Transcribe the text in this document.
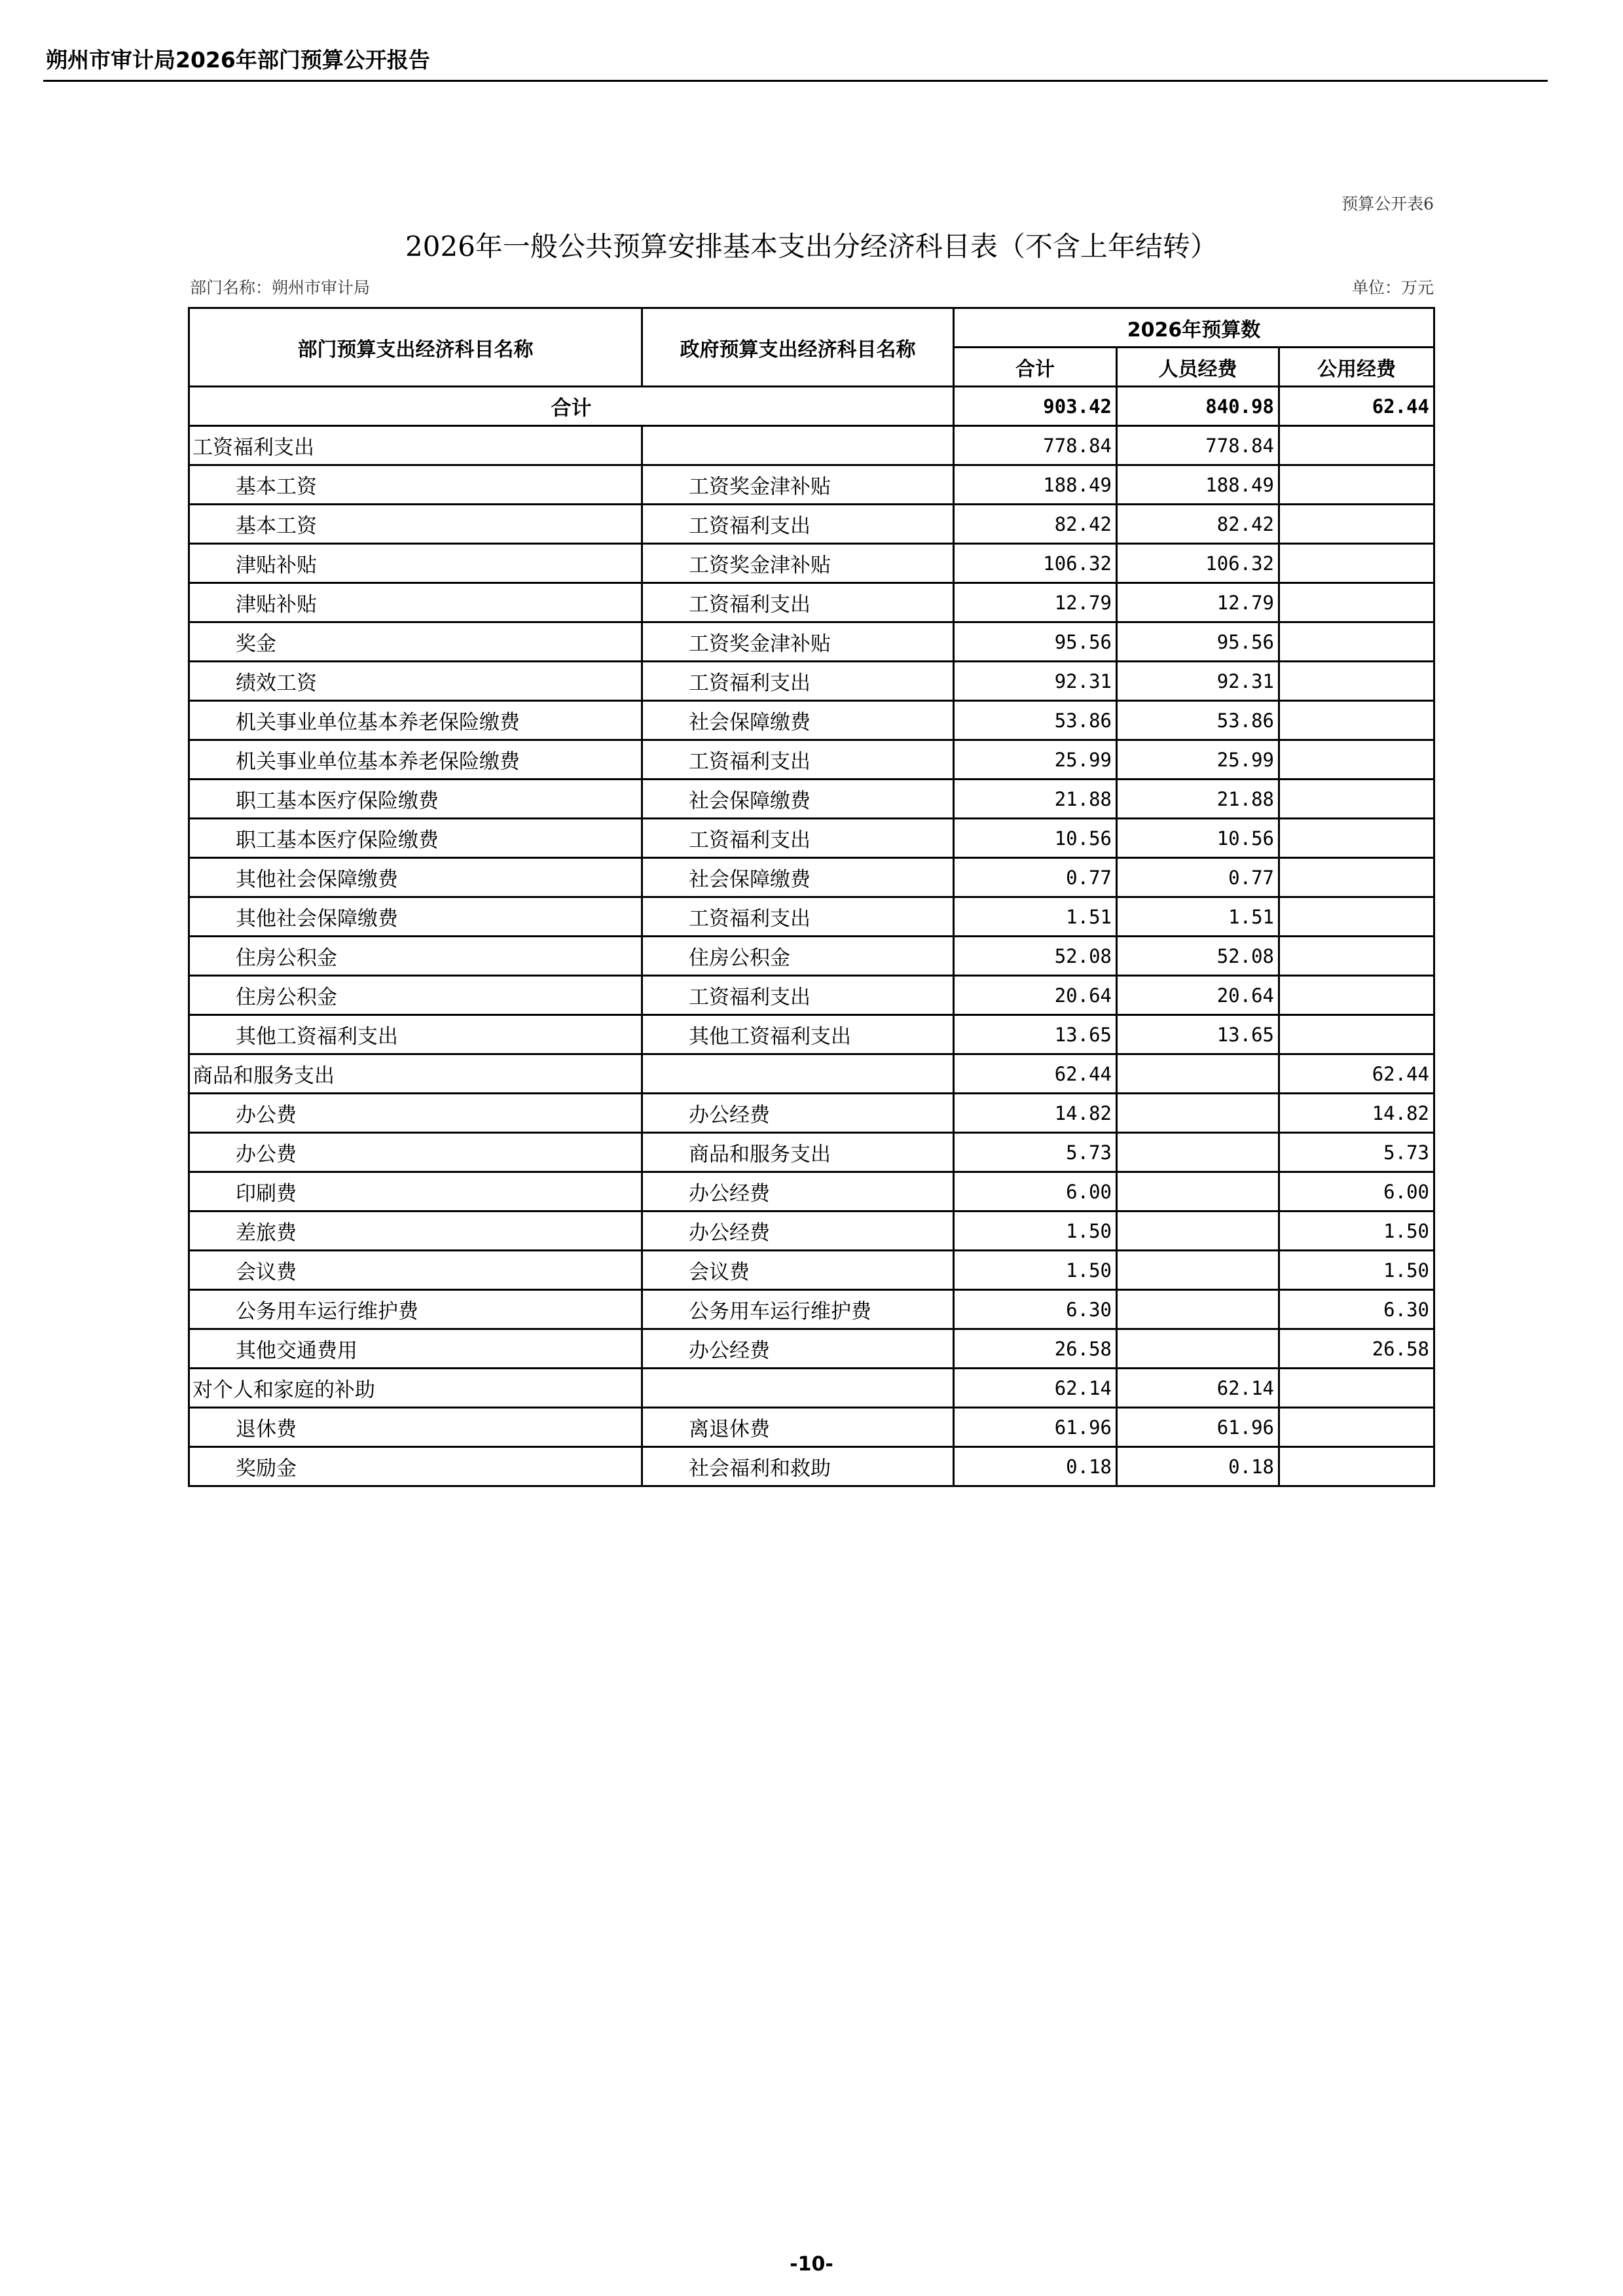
朔州市审计局2026年部门预算公开报告
预算公开表6
2026年一般公共预算安排基本支出分经济科目表（不含上年结转）
部门名称：朔州市审计局	单位：万元
部门预算支出经济科目名称	政府预算支出经济科目名称	2026年预算数		
		合计	人员经费	公用经费
合计		903.42	840.98	62.44
工资福利支出		778.84	778.84	
基本工资	工资奖金津补贴	188.49	188.49	
基本工资	工资福利支出	82.42	82.42	
津贴补贴	工资奖金津补贴	106.32	106.32	
津贴补贴	工资福利支出	12.79	12.79	
奖金	工资奖金津补贴	95.56	95.56	
绩效工资	工资福利支出	92.31	92.31	
机关事业单位基本养老保险缴费	社会保障缴费	53.86	53.86	
机关事业单位基本养老保险缴费	工资福利支出	25.99	25.99	
职工基本医疗保险缴费	社会保障缴费	21.88	21.88	
职工基本医疗保险缴费	工资福利支出	10.56	10.56	
其他社会保障缴费	社会保障缴费	0.77	0.77	
其他社会保障缴费	工资福利支出	1.51	1.51	
住房公积金	住房公积金	52.08	52.08	
住房公积金	工资福利支出	20.64	20.64	
其他工资福利支出	其他工资福利支出	13.65	13.65	
商品和服务支出		62.44		62.44
办公费	办公经费	14.82		14.82
办公费	商品和服务支出	5.73		5.73
印刷费	办公经费	6.00		6.00
差旅费	办公经费	1.50		1.50
会议费	会议费	1.50		1.50
公务用车运行维护费	公务用车运行维护费	6.30		6.30
其他交通费用	办公经费	26.58		26.58
对个人和家庭的补助		62.14	62.14	
退休费	离退休费	61.96	61.96	
奖励金	社会福利和救助	0.18	0.18	
-10-
